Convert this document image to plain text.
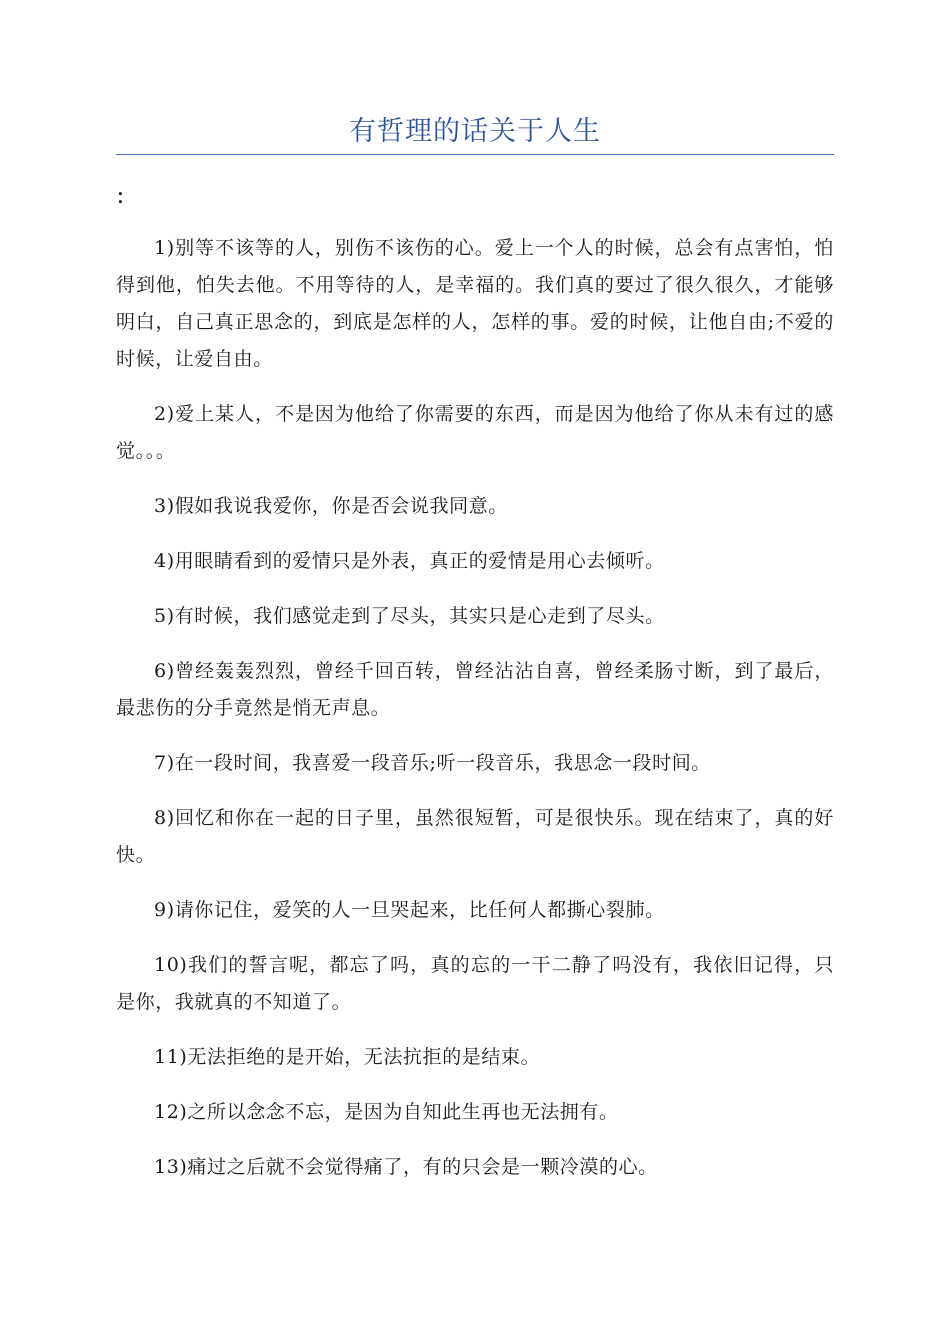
有哲理的话关于人生
：

1)别等不该等的人，别伤不该伤的心。爱上一个人的时候，总会有点害怕，怕得到他，怕失去他。不用等待的人，是幸福的。我们真的要过了很久很久，才能够明白，自己真正思念的，到底是怎样的人，怎样的事。爱的时候，让他自由;不爱的时候，让爱自由。

2)爱上某人，不是因为他给了你需要的东西，而是因为他给了你从未有过的感觉。。。

3)假如我说我爱你，你是否会说我同意。

4)用眼睛看到的爱情只是外表，真正的爱情是用心去倾听。

5)有时候，我们感觉走到了尽头，其实只是心走到了尽头。

6)曾经轰轰烈烈，曾经千回百转，曾经沾沾自喜，曾经柔肠寸断，到了最后，最悲伤的分手竟然是悄无声息。

7)在一段时间，我喜爱一段音乐;听一段音乐，我思念一段时间。

8)回忆和你在一起的日子里，虽然很短暂，可是很快乐。现在结束了，真的好快。

9)请你记住，爱笑的人一旦哭起来，比任何人都撕心裂肺。

10)我们的誓言呢，都忘了吗，真的忘的一干二静了吗没有，我依旧记得，只是你，我就真的不知道了。

11)无法拒绝的是开始，无法抗拒的是结束。

12)之所以念念不忘，是因为自知此生再也无法拥有。

13)痛过之后就不会觉得痛了，有的只会是一颗冷漠的心。
